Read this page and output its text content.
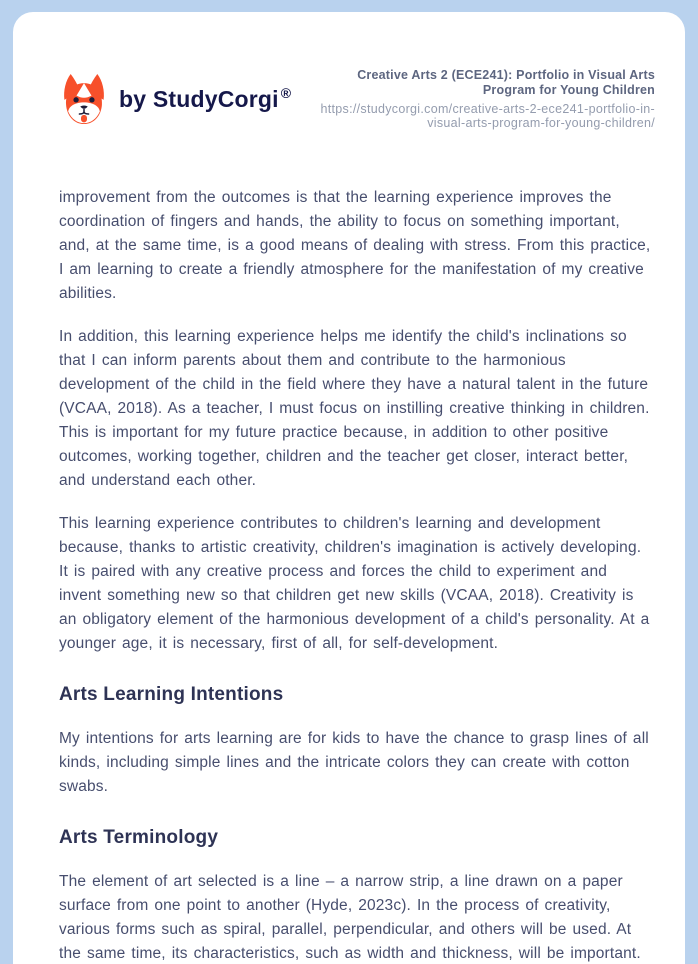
by StudyCorgi ®
Creative Arts 2 (ECE241): Portfolio in Visual Arts Program for Young Children
https://studycorgi.com/creative-arts-2-ece241-portfolio-in-visual-arts-program-for-young-children/

improvement from the outcomes is that the learning experience improves the coordination of fingers and hands, the ability to focus on something important, and, at the same time, is a good means of dealing with stress. From this practice, I am learning to create a friendly atmosphere for the manifestation of my creative abilities.

In addition, this learning experience helps me identify the child's inclinations so that I can inform parents about them and contribute to the harmonious development of the child in the field where they have a natural talent in the future (VCAA, 2018). As a teacher, I must focus on instilling creative thinking in children. This is important for my future practice because, in addition to other positive outcomes, working together, children and the teacher get closer, interact better, and understand each other.

This learning experience contributes to children's learning and development because, thanks to artistic creativity, children's imagination is actively developing. It is paired with any creative process and forces the child to experiment and invent something new so that children get new skills (VCAA, 2018). Creativity is an obligatory element of the harmonious development of a child's personality. At a younger age, it is necessary, first of all, for self-development.

Arts Learning Intentions

My intentions for arts learning are for kids to have the chance to grasp lines of all kinds, including simple lines and the intricate colors they can create with cotton swabs.

Arts Terminology

The element of art selected is a line – a narrow strip, a line drawn on a paper surface from one point to another (Hyde, 2023c). In the process of creativity, various forms such as spiral, parallel, perpendicular, and others will be used. At the same time, its characteristics, such as width and thickness, will be important.
